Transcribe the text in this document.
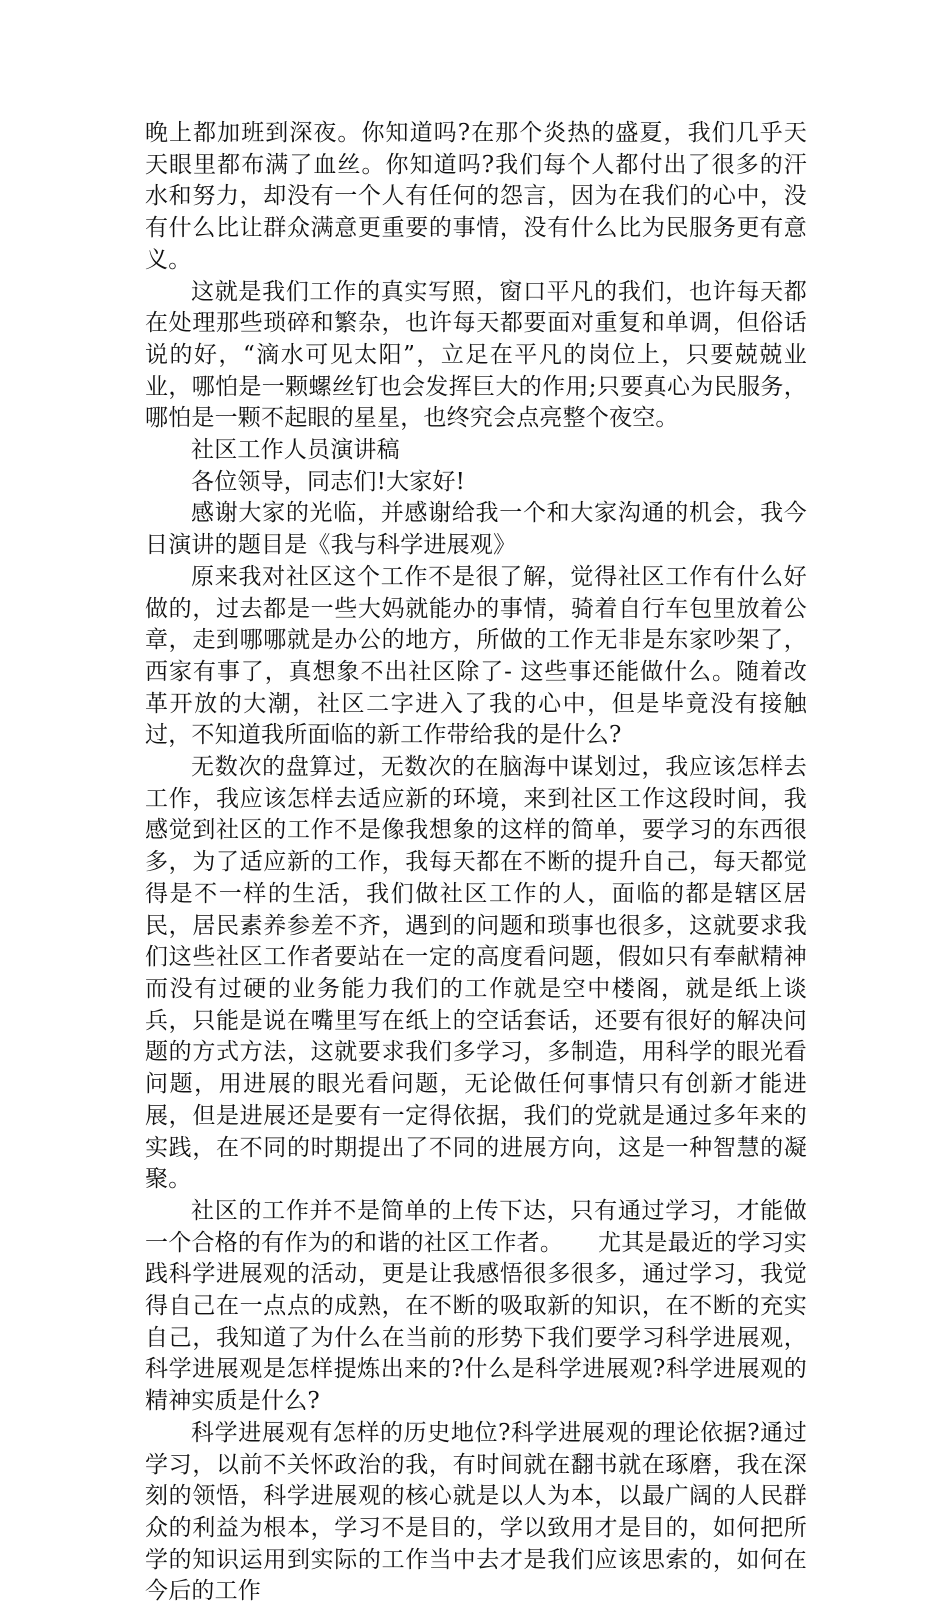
晚上都加班到深夜。你知道吗?在那个炎热的盛夏，我们几乎天天眼里都布满了血丝。你知道吗?我们每个人都付出了很多的汗水和努力，却没有一个人有任何的怨言，因为在我们的心中，没有什么比让群众满意更重要的事情，没有什么比为民服务更有意义。

这就是我们工作的真实写照，窗口平凡的我们，也许每天都在处理那些琐碎和繁杂，也许每天都要面对重复和单调，但俗话说的好，“滴水可见太阳”，立足在平凡的岗位上，只要兢兢业业，哪怕是一颗螺丝钉也会发挥巨大的作用;只要真心为民服务，哪怕是一颗不起眼的星星，也终究会点亮整个夜空。

社区工作人员演讲稿

各位领导，同志们!大家好!

感谢大家的光临，并感谢给我一个和大家沟通的机会，我今日演讲的题目是《我与科学进展观》

原来我对社区这个工作不是很了解，觉得社区工作有什么好做的，过去都是一些大妈就能办的事情，骑着自行车包里放着公章，走到哪哪就是办公的地方，所做的工作无非是东家吵架了，西家有事了，真想象不出社区除了- 这些事还能做什么。随着改革开放的大潮，社区二字进入了我的心中，但是毕竟没有接触过，不知道我所面临的新工作带给我的是什么?

无数次的盘算过，无数次的在脑海中谋划过，我应该怎样去工作，我应该怎样去适应新的环境，来到社区工作这段时间，我感觉到社区的工作不是像我想象的这样的简单，要学习的东西很多，为了适应新的工作，我每天都在不断的提升自己，每天都觉得是不一样的生活，我们做社区工作的人，面临的都是辖区居民，居民素养参差不齐，遇到的问题和琐事也很多，这就要求我们这些社区工作者要站在一定的高度看问题，假如只有奉献精神而没有过硬的业务能力我们的工作就是空中楼阁，就是纸上谈兵，只能是说在嘴里写在纸上的空话套话，还要有很好的解决问题的方式方法，这就要求我们多学习，多制造，用科学的眼光看问题，用进展的眼光看问题，无论做任何事情只有创新才能进展，但是进展还是要有一定得依据，我们的党就是通过多年来的实践，在不同的时期提出了不同的进展方向，这是一种智慧的凝聚。

社区的工作并不是简单的上传下达，只有通过学习，才能做一个合格的有作为的和谐的社区工作者。　　尤其是最近的学习实践科学进展观的活动，更是让我感悟很多很多，通过学习，我觉得自己在一点点的成熟，在不断的吸取新的知识，在不断的充实自己，我知道了为什么在当前的形势下我们要学习科学进展观，科学进展观是怎样提炼出来的?什么是科学进展观?科学进展观的精神实质是什么?

科学进展观有怎样的历史地位?科学进展观的理论依据?通过学习，以前不关怀政治的我，有时间就在翻书就在琢磨，我在深刻的领悟，科学进展观的核心就是以人为本，以最广阔的人民群众的利益为根本，学习不是目的，学以致用才是目的，如何把所学的知识运用到实际的工作当中去才是我们应该思索的，如何在今后的工作
